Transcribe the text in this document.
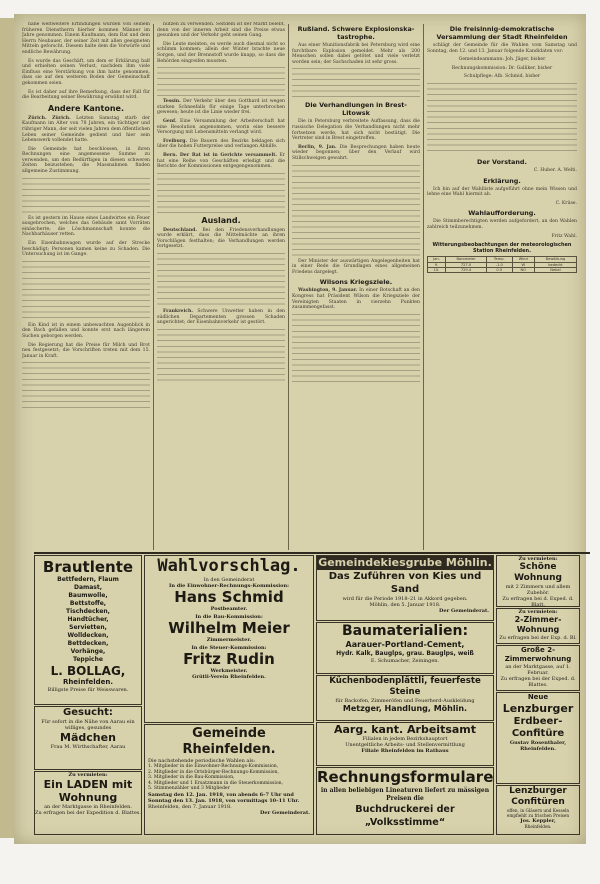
nahe weltweitere Erfindungen wurden von seinem früheren Dienstherrn hierher kommen Männer im Jahre genommen. Einem Kaufmann, dem Rat und dem Herrn Neubauer, der seiner Zeit mit allen geeigneten Mitteln geforscht. Diesem halte dem die Vorwürfe und endliche Bewährung.

Es wurde das Geschäft, um dem er Erklärung half und erhielten seinen Verlust, nachdem ihm viele Einfluss eine Verstärkung von ihm hatte genommen, dass sie auf den weiteren Boden der Gemeinschaft gekommen seien.

Es ist daher auf ihre Bemerkung, dass der Fall für die Bearbeitung seiner Bewährung erwähnt wird.

Andere Kantone.

Zürich. Zürich. Letzten Samstag starb der Kaufmann im Alter von 78 Jahren, ein tüchtiger und rühriger Mann, der seit vielen Jahren dem öffentlichen Leben seiner Gemeinde gedient und hier sein Lebenswerk vollendet hatte.

Die Gemeinde hat beschlossen, in ihren Rechnungen eine angemessene Summe zu verwenden, um den Bedürftigen in diesen schweren Zeiten beizustehen; die Massnahmen finden allgemeine Zustimmung.

Es ist gestern im Hause eines Landwirtes ein Feuer ausgebrochen, welches das Gebäude samt Vorräten einäscherte; die Löschmannschaft konnte die Nachbarhäuser retten.

Ein Eisenbahnwagen wurde auf der Strecke beschädigt; Personen kamen keine zu Schaden. Die Untersuchung ist im Gange.

Ein Kind ist in einem unbewachten Augenblick in den Bach gefallen und konnte erst nach längerem Suchen geborgen werden.

Die Regierung hat die Preise für Milch und Brot neu festgesetzt; die Vorschriften treten mit dem 15. Januar in Kraft.

nutzen zu verwenden. Seitdem ist der Markt belebt, denn von der inneren Arbeit sind die Preise etwas gesunken und der Verkehr geht seinen Gang.

Die Leute meinten, es werde auch diesmal nicht so schlimm kommen; allein der Winter brachte neue Sorgen, und der Brennstoff wurde knapp, so dass die Behörden eingreifen mussten.

Tessin. Der Verkehr über den Gotthard ist wegen starken Schneefalls für einige Tage unterbrochen gewesen; heute ist die Linie wieder frei.

Genf. Eine Versammlung der Arbeiterschaft hat eine Resolution angenommen, worin eine bessere Versorgung mit Lebensmitteln verlangt wird.

Freiburg. Die Bauern des Bezirks beklagen sich über die hohen Futterpreise und verlangen Abhilfe.

Bern. Der Rat ist in Gerichte versammelt. Er hat eine Reihe von Geschäften erledigt und die Berichte der Kommissionen entgegengenommen.

Ausland.

Deutschland. Bei den Friedensverhandlungen wurde erklärt, dass die Mittelmächte an ihren Vorschlägen festhalten; die Verhandlungen werden fortgesetzt.

Frankreich. Schwere Unwetter haben in den südlichen Departementen grossen Schaden angerichtet; der Eisenbahnverkehr ist gestört.

Rußland. Schwere Explosionska-tastrophe.

Aus einer Munitionsfabrik bei Petersburg wird eine furchtbare Explosion gemeldet. Mehr als 200 Menschen sollen dabei getötet und viele verletzt worden sein; der Sachschaden ist sehr gross.

Die Verhandlungen in Brest-Litowsk

Die in Petersburg verbreitete Auffassung, dass die russische Delegation die Verhandlungen nicht mehr fortsetzen werde, hat sich nicht bestätigt. Die Vertreter sind in Brest eingetroffen.

Berlin, 9. Jan. Die Besprechungen haben heute wieder begonnen; über den Verlauf wird Stillschweigen gewahrt.

Der Minister der auswärtigen Angelegenheiten hat in einer Rede die Grundlagen eines allgemeinen Friedens dargelegt.

Wilsons Kriegsziele.

Washington, 9. Januar. In einer Botschaft an den Kongress hat Präsident Wilson die Kriegsziele der Vereinigten Staaten in vierzehn Punkten zusammengefasst.

Die freisinnig-demokratische Versammlung der Stadt Rheinfelden

schlägt der Gemeinde für die Wahlen vom Samstag und Sonntag, den 12. und 13. Januar folgende Kandidaten vor:

Gemeindeammann: Joh. Jäger, bisher

Rechnungskommission: Dr. Galliker, bisher

Schulpflege: Alb. Schmid, bisher

Der Vorstand.

C. Huber. A. Welti.

Erklärung.

Ich bin auf der Wahlliste aufgeführt ohne mein Wissen und lehne eine Wahl hiermit ab.

C. Krüse.

Wahlaufforderung.

Die Stimmberechtigten werden aufgefordert, an den Wahlen zahlreich teilzunehmen.

Fritz Wahl.

Witterungsbeobachtungen der meteorologischen Station Rheinfelden.
Jan.	Barometer	Temp.	Wind	Bewölkung
9.	727.0	-1.0	W	bedeckt
10.	729.4	0.5	NO	Nebel
Brautlente
Bettfedern, Flaum
Damast,
Baumwolle,
Bettstoffe,
Tischdecken,
Handtücher,
Servietten,
Wolldecken,
Bettdecken,
Vorhänge,
Teppiche
L. BOLLAG,
Rheinfelden.
Billigste Preise für Weisswaren.
Gesucht:
Für sofort in die Nähe von Aarau ein williges, gesundes
Mädchen
Frau M. Wirthschafter, Aarau
Zu vermieten:
Ein LADEN mit Wohnung
an der Marktgasse in Rheinfelden.
Zu erfragen bei der Expedition d. Blattes.
Wahlvorschlag.
In den Gemeinderat
In die Einwohner-Rechnungs-Kommission:
Hans Schmid
Postbeamter.
In die Bau-Kommission:
Wilhelm Meier
Zimmermeister.
In die Steuer-Kommission:
Fritz Rudin
Werkmeister.
Grütli-Verein Rheinfelden.
Gemeinde Rheinfelden.
Die nachstehende periodische Wahlen als:
1. Mitglieder in die Einwohner-Rechnungs-Kommission,
2. Mitglieder in die Ortsbürger-Rechnungs-Kommission,
3. Mitglieder in die Bau-Kommission,
4. Mitglieder und 1 Ersatzmann in die Steuerkommission,
5. Stimmenzähler und 3 Mitglieder
Samstag den 12. Jan. 1918, von abends 6–7 Uhr und Sonntag den 13. Jan. 1918, von vormittags 10–11 Uhr.
Rheinfelden, den 7. Januar 1918.
Der Gemeinderat.
Gemeindekiesgrube Möhlin.
Das Zuführen von Kies und Sand
wird für die Periode 1918–21 in Akkord gegeben.
Möhlin, den 5. Januar 1918.
Der Gemeinderat.
Baumaterialien:
Aarauer-Portland-Cement,
Hydr. Kalk, Bauglps, grau. Bauglps, weiß
E. Schumacher, Zeiningen.
Küchenbodenplättli, feuerfeste Steine
für Backofen, Zimmeröfen und Feuerherd-Auskleidung
Metzger, Handlung, Möhlin.
Aarg. kant. Arbeitsamt
Filialen in jedem Bezirkshauptort
Unentgeltliche Arbeits- und Stellenvermittlung
Filiale Rheinfelden im Rathaus
Rechnungsformulare
in allen beliebigen Lineaturen liefert zu mässigen Preisen die
Buchdruckerei der „Volksstimme“
Zu vermieten:
Schöne Wohnung
mit 2 Zimmern und allem Zubehör.
Zu erfragen bei d. Exped. d. Blatt.
Zu vermieten:
2-Zimmer-Wohnung
Zu erfragen bei der Exp. d. Bl.
Große 2-Zimmerwohnung
an der Marktgasse, auf 1. Februar.
Zu erfragen bei der Exped. d. Blattes.
Neue
Lenzburger
Erdbeer-
Confitüre
Gustav Rosenthaler, Rheinfelden.
Lenzburger
Confitüren
offen, in Gläsern und Kesseln empfiehlt zu frischen Preisen
Jos. Keppler,
Rheinfelden.
